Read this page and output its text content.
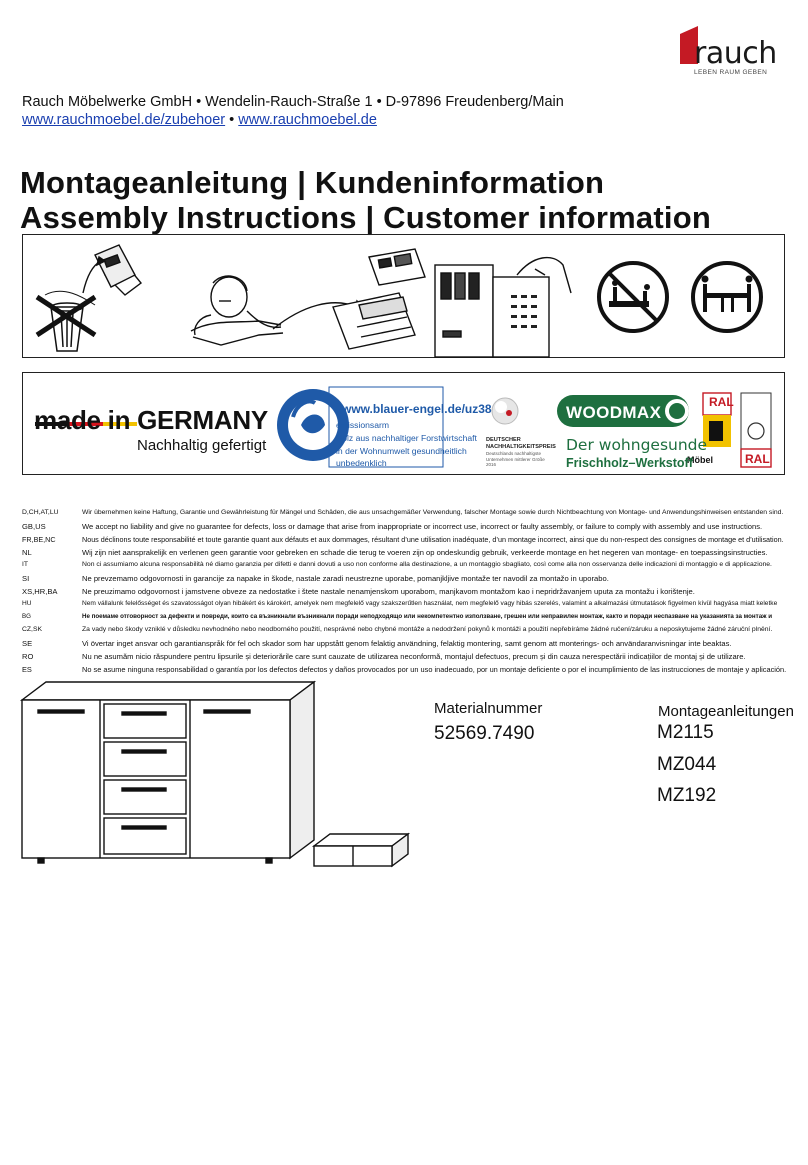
rauch
LEBEN RAUM GEBEN
Rauch Möbelwerke GmbH • Wendelin-Rauch-Straße 1 • D-97896 Freudenberg/Main
www.rauchmoebel.de/zubehoer • www.rauchmoebel.de
Montageanleitung | Kundeninformation
Assembly Instructions | Customer information
Möbel
RAL
RAL
made in GERMANY
Nachhaltig gefertigt
www.blauer-engel.de/uz38
emissionsarm
Holz aus nachhaltiger Forstwirtschaft
in der Wohnumwelt gesundheitlich
unbedenklich
DEUTSCHER NACHHALTIGKEITSPREIS
Deutschlands nachhaltigste Unternehmen mittlerer Größe 2016
WOODMAX
Der wohngesunde
Frischholz–Werkstoff
D,CH,AT,LU	Wir übernehmen keine Haftung, Garantie und Gewährleistung für Mängel und Schäden, die aus unsachgemäßer Verwendung, falscher Montage sowie durch Nichtbeachtung von Montage- und Anwendungshinweisen entstanden sind.
GB,US	We accept no liability and give no guarantee for defects, loss or damage that arise from inappropriate or incorrect use, incorrect or faulty assembly, or failure to comply with assembly and use instructions.
FR,BE,NC	Nous déclinons toute responsabilité et toute garantie quant aux défauts et aux dommages, résultant d’une utilisation inadéquate, d’un montage incorrect, ainsi que du non-respect des consignes de montage et d’utilisation.
NL	Wij zijn niet aansprakelijk en verlenen geen garantie voor gebreken en schade die terug te voeren zijn op ondeskundig gebruik, verkeerde montage en het negeren van montage- en toepassingsinstructies.
IT	Non ci assumiamo alcuna responsabilità né diamo garanzia per difetti e danni dovuti a uso non conforme alla destinazione, a un montaggio sbagliato, così come alla non osservanza delle indicazioni di montaggio e di applicazione.
SI	Ne prevzemamo odgovornosti in garancije za napake in škode, nastale zaradi neustrezne uporabe, pomanjkljive montaže ter navodil za montažo in uporabo.
XS,HR,BA	Ne preuzimamo odgovornost i jamstvene obveze za nedostatke i štete nastale nenamjenskom uporabom, manjkavom montažom kao i nepridržavanjem uputa za montažu i korištenje.
HU	Nem vállalunk felelősséget és szavatosságot olyan hibákért és károkért, amelyek nem megfelelő vagy szakszerűtlen használat, nem megfelelő vagy hibás szerelés, valamint a alkalmazási útmutatások figyelmen kívül hagyása miatt keletke
BG	Не поемаме отговорност за дефекти и повреди, които са възникнали възникнали поради неподходящо или некомпетентно използване, грешен или неправилен монтаж, както и поради неспазване на указанията за монтаж и
CZ,SK	Za vady nebo škody vzniklé v důsledku nevhodného nebo neodborného použití, nesprávné nebo chybné montáže a nedodržení pokynů k montáži a použití nepřebíráme žádné ručení/záruku a neposkytujeme žádné záruční plnění.
SE	Vi övertar inget ansvar och garantianspråk för fel och skador som har uppstått genom felaktig användning, felaktig montering, samt genom att monterings- och användaranvisningar inte beaktas.
RO	Nu ne asumăm nicio răspundere pentru lipsurile și deteriorările care sunt cauzate de utilizarea neconformă, montajul defectuos, precum și din cauza nerespectării indicațiilor de montaj și de utilizare.
ES	No se asume ninguna responsabilidad o garantía por los defectos defectos y daños provocados por un uso inadecuado, por un montaje deficiente o por el incumplimiento de las instrucciones de montaje y aplicación.
Materialnummer
52569.7490
Montageanleitungen
M2115
MZ044
MZ192
